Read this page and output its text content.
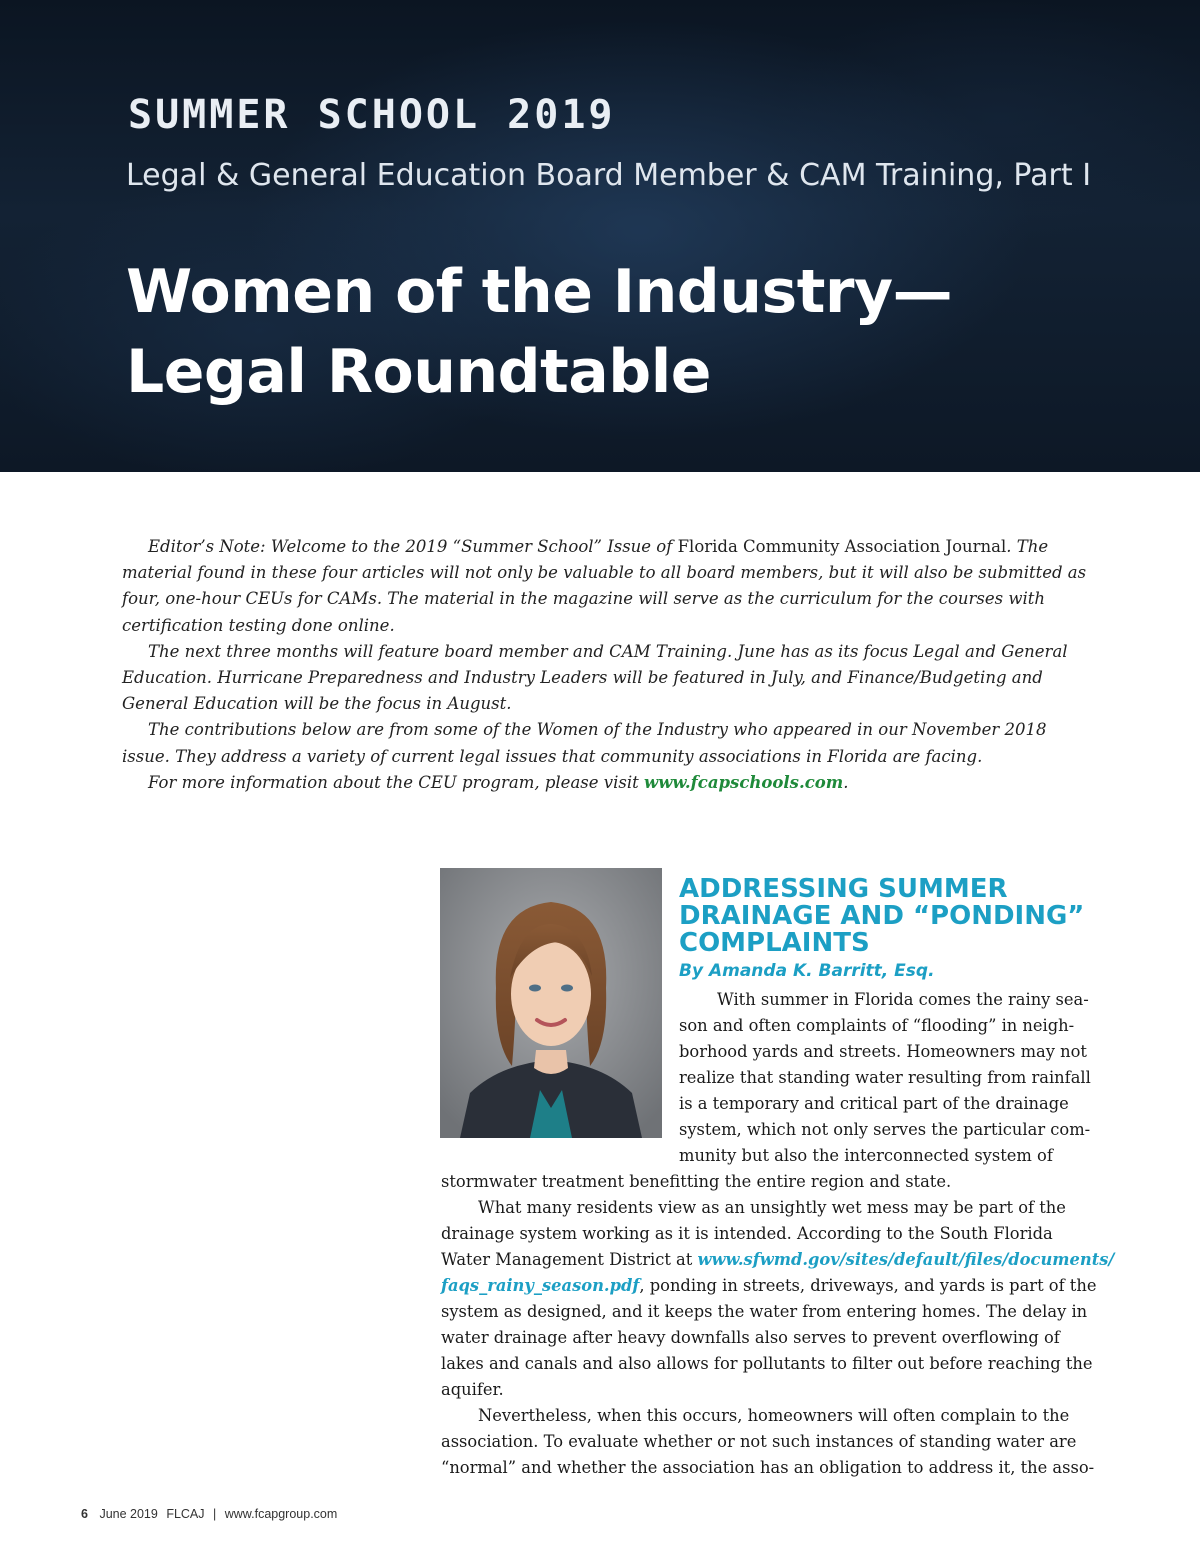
SUMMER SCHOOL 2019
Legal & General Education Board Member & CAM Training, Part I
Women of the Industry—
Legal Roundtable

Editor’s Note: Welcome to the 2019 “Summer School” Issue of Florida Community Association Journal. The material found in these four articles will not only be valuable to all board members, but it will also be submitted as four, one-hour CEUs for CAMs. The material in the magazine will serve as the curriculum for the courses with certification testing done online.

The next three months will feature board member and CAM Training. June has as its focus Legal and General Education. Hurricane Preparedness and Industry Leaders will be featured in July, and Finance/Budgeting and General Education will be the focus in August.

The contributions below are from some of the Women of the Industry who appeared in our November 2018 issue. They address a variety of current legal issues that community associations in Florida are facing.

For more information about the CEU program, please visit www.fcapschools.com.

ADDRESSING SUMMER
DRAINAGE AND “PONDING”
COMPLAINTS
By Amanda K. Barritt, Esq.
With summer in Florida comes the rainy sea-
son and often complaints of “flooding” in neigh-
borhood yards and streets. Homeowners may not
realize that standing water resulting from rainfall
is a temporary and critical part of the drainage
system, which not only serves the particular com-
munity but also the interconnected system of
stormwater treatment benefitting the entire region and state.
What many residents view as an unsightly wet mess may be part of the
drainage system working as it is intended. According to the South Florida
Water Management District at www.sfwmd.gov/sites/default/files/documents/
faqs_rainy_season.pdf, ponding in streets, driveways, and yards is part of the
system as designed, and it keeps the water from entering homes. The delay in
water drainage after heavy downfalls also serves to prevent overflowing of
lakes and canals and also allows for pollutants to filter out before reaching the
aquifer.
Nevertheless, when this occurs, homeowners will often complain to the
association. To evaluate whether or not such instances of standing water are
“normal” and whether the association has an obligation to address it, the asso-
6 June 2019 FLCAJ | www.fcapgroup.com
